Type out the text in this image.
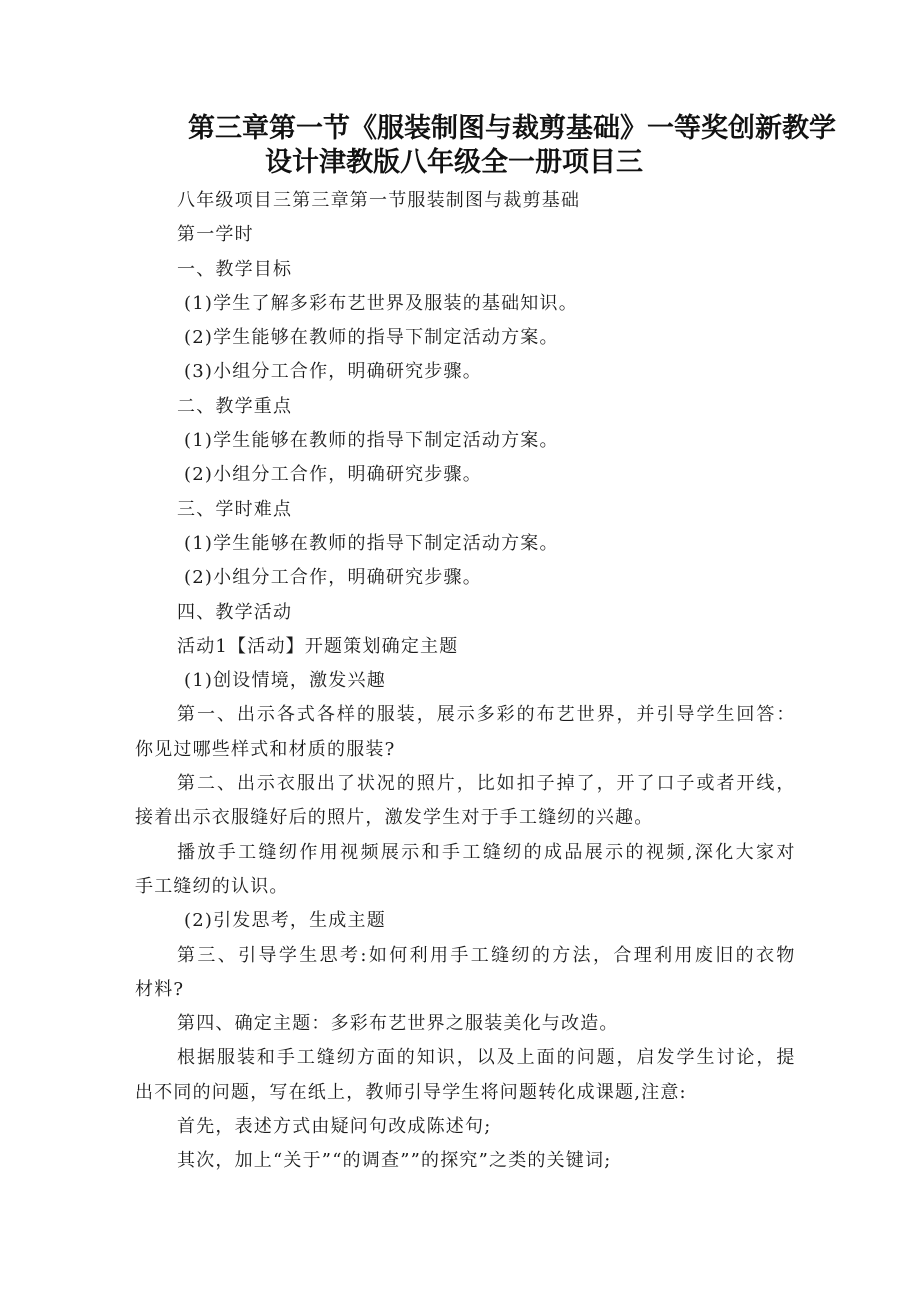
第三章第一节《服装制图与裁剪基础》一等奖创新教学
设计津教版八年级全一册项目三
八年级项目三第三章第一节服装制图与裁剪基础
第一学时
一、教学目标
(1)学生了解多彩布艺世界及服装的基础知识。
(2)学生能够在教师的指导下制定活动方案。
(3)小组分工合作，明确研究步骤。
二、教学重点
(1)学生能够在教师的指导下制定活动方案。
(2)小组分工合作，明确研究步骤。
三、学时难点
(1)学生能够在教师的指导下制定活动方案。
(2)小组分工合作，明确研究步骤。
四、教学活动
活动1【活动】开题策划确定主题
(1)创设情境，激发兴趣
第一、出示各式各样的服装，展示多彩的布艺世界，并引导学生回答：
你见过哪些样式和材质的服装?
第二、出示衣服出了状况的照片，比如扣子掉了，开了口子或者开线，
接着出示衣服缝好后的照片，激发学生对于手工缝纫的兴趣。
播放手工缝纫作用视频展示和手工缝纫的成品展示的视频,深化大家对
手工缝纫的认识。
(2)引发思考，生成主题
第三、引导学生思考:如何利用手工缝纫的方法，合理利用废旧的衣物
材料?
第四、确定主题：多彩布艺世界之服装美化与改造。
根据服装和手工缝纫方面的知识，以及上面的问题，启发学生讨论，提
出不同的问题，写在纸上，教师引导学生将问题转化成课题,注意:
首先，表述方式由疑问句改成陈述句;
其次，加上“关于”“的调查””的探究”之类的关键词;
